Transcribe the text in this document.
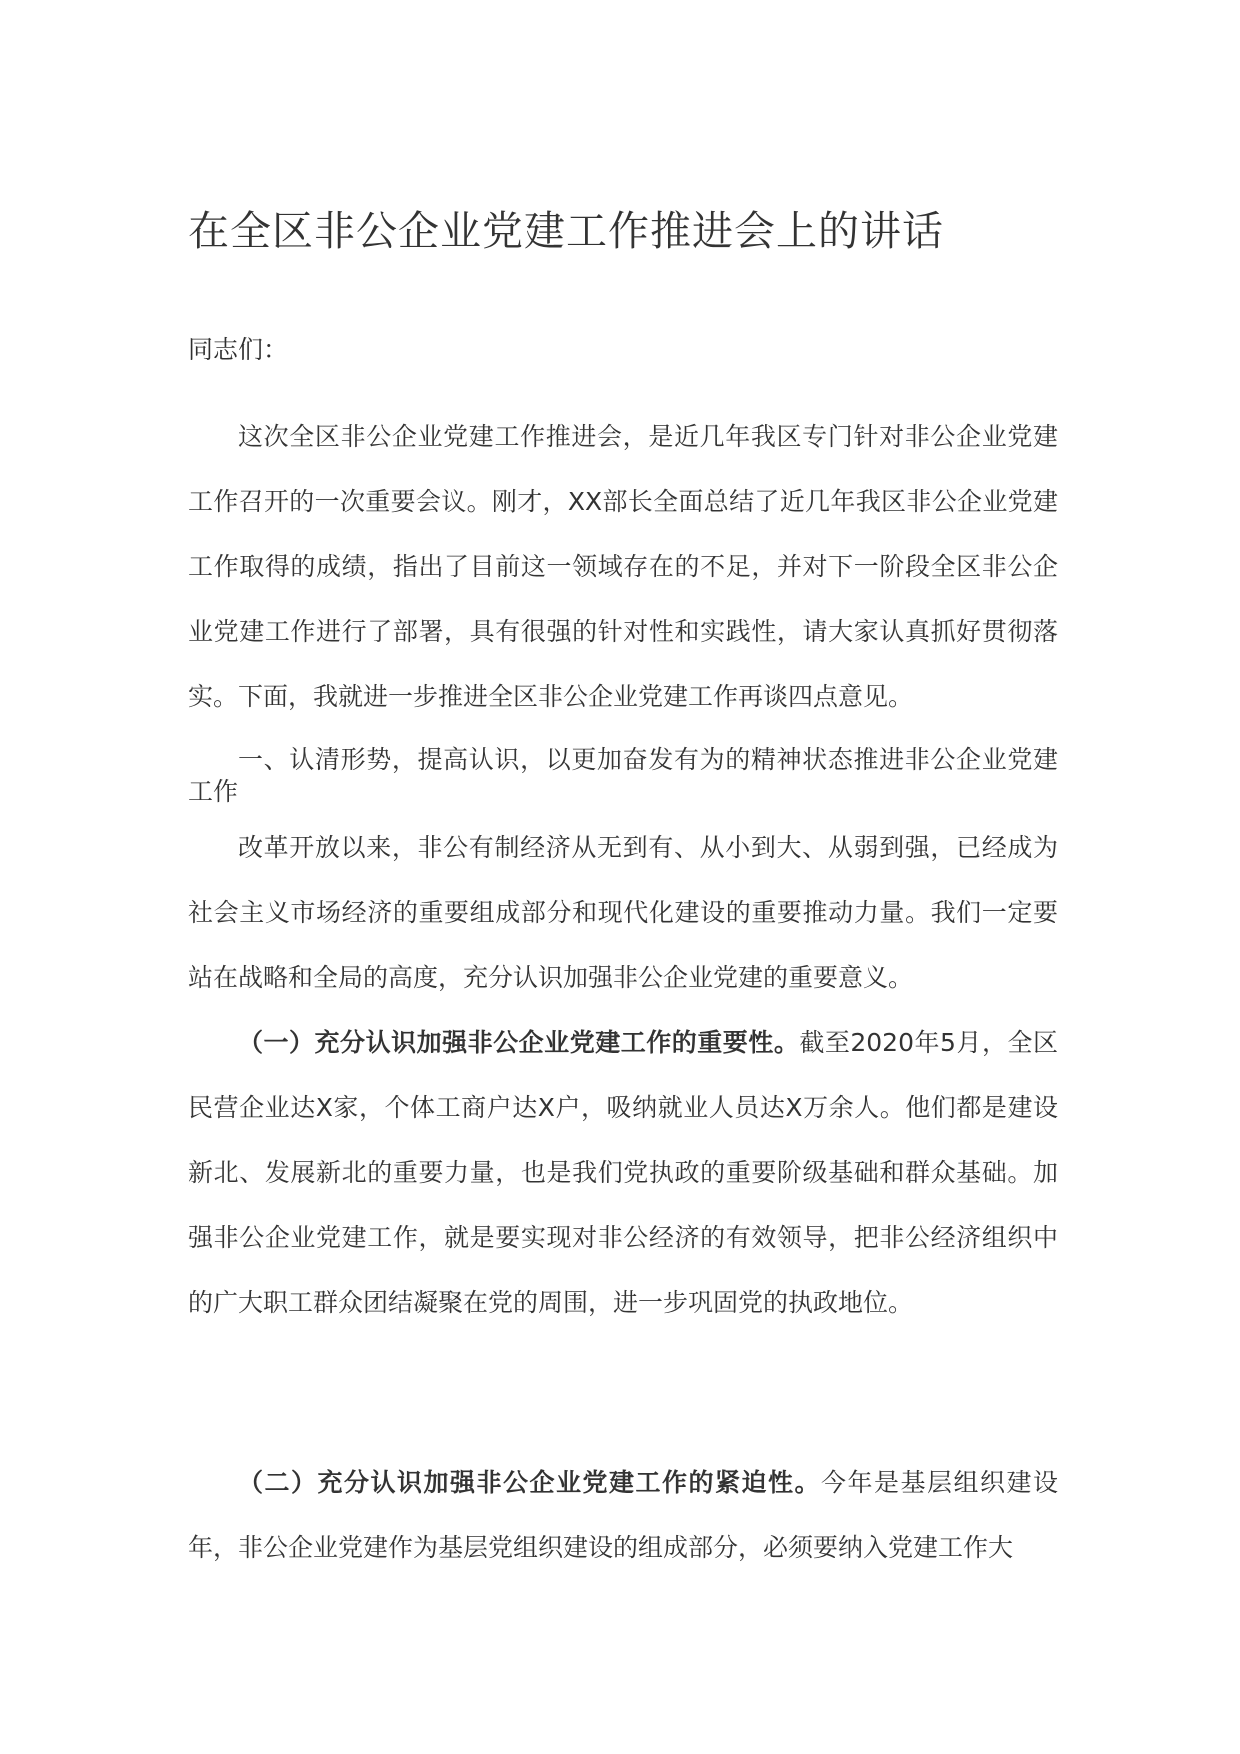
在全区非公企业党建工作推进会上的讲话
同志们：
这次全区非公企业党建工作推进会，是近几年我区专门针对非公企业党建工作召开的一次重要会议。刚才，XX部长全面总结了近几年我区非公企业党建工作取得的成绩，指出了目前这一领域存在的不足，并对下一阶段全区非公企业党建工作进行了部署，具有很强的针对性和实践性，请大家认真抓好贯彻落实。下面，我就进一步推进全区非公企业党建工作再谈四点意见。
一、认清形势，提高认识，以更加奋发有为的精神状态推进非公企业党建工作
改革开放以来，非公有制经济从无到有、从小到大、从弱到强，已经成为社会主义市场经济的重要组成部分和现代化建设的重要推动力量。我们一定要站在战略和全局的高度，充分认识加强非公企业党建的重要意义。
（一）充分认识加强非公企业党建工作的重要性。截至2020年5月，全区民营企业达X家，个体工商户达X户，吸纳就业人员达X万余人。他们都是建设新北、发展新北的重要力量，也是我们党执政的重要阶级基础和群众基础。加强非公企业党建工作，就是要实现对非公经济的有效领导，把非公经济组织中的广大职工群众团结凝聚在党的周围，进一步巩固党的执政地位。
（二）充分认识加强非公企业党建工作的紧迫性。今年是基层组织建设年，非公企业党建作为基层党组织建设的组成部分，必须要纳入党建工作大
